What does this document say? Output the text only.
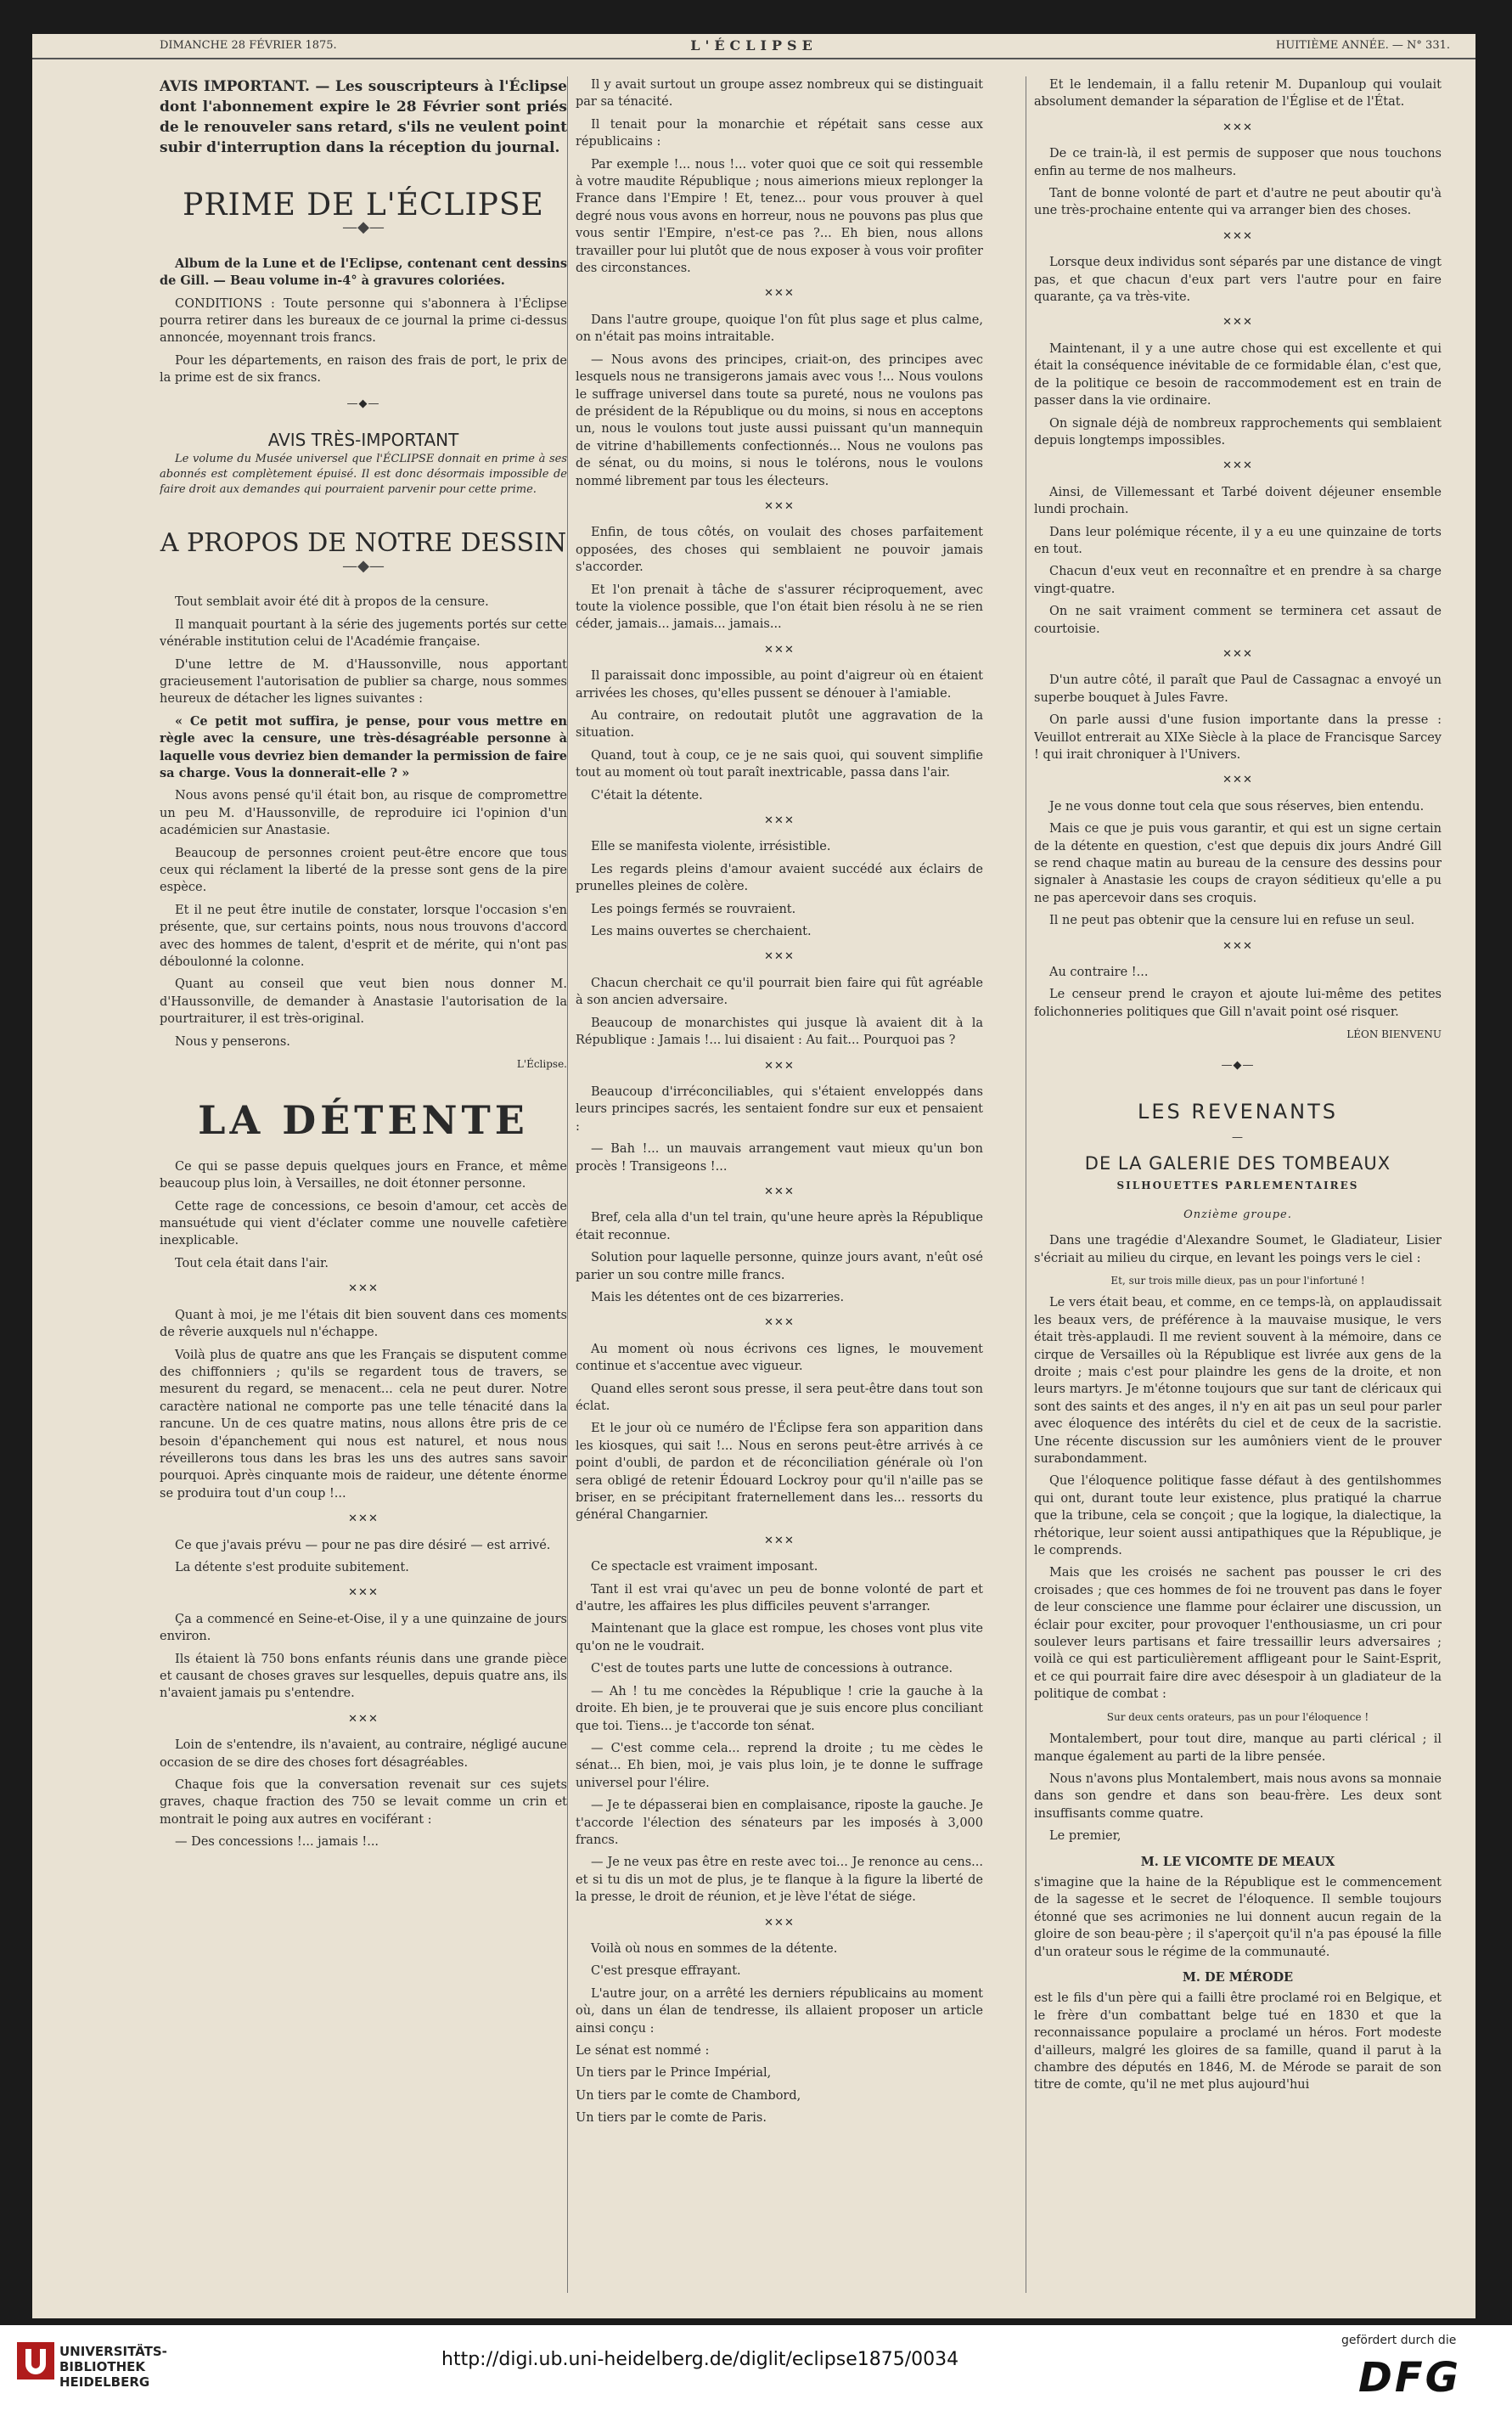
DIMANCHE 28 FÉVRIER 1875.	L'ÉCLIPSE	HUITIÈME ANNÉE. — N° 331.
AVIS IMPORTANT. — Les souscripteurs à l'Éclipse dont l'abonnement expire le 28 Février sont priés de le renouveler sans retard, s'ils ne veulent point subir d'interruption dans la réception du journal.
PRIME DE L'ÉCLIPSE
—◆—

Album de la Lune et de l'Eclipse, contenant cent dessins de Gill. — Beau volume in-4° à gravures coloriées.

CONDITIONS : Toute personne qui s'abonnera à l'Éclipse pourra retirer dans les bureaux de ce journal la prime ci-dessus annoncée, moyennant trois francs.

Pour les départements, en raison des frais de port, le prix de la prime est de six francs.

—◆—
AVIS TRÈS-IMPORTANT

Le volume du Musée universel que l'ÉCLIPSE donnait en prime à ses abonnés est complètement épuisé. Il est donc désormais impossible de faire droit aux demandes qui pourraient parvenir pour cette prime.

A PROPOS DE NOTRE DESSIN
—◆—

Tout semblait avoir été dit à propos de la censure.

Il manquait pourtant à la série des jugements portés sur cette vénérable institution celui de l'Académie française.

D'une lettre de M. d'Haussonville, nous apportant gracieusement l'autorisation de publier sa charge, nous sommes heureux de détacher les lignes suivantes :

« Ce petit mot suffira, je pense, pour vous mettre en règle avec la censure, une très-désagréable personne à laquelle vous devriez bien demander la permission de faire sa charge. Vous la donnerait-elle ? »

Nous avons pensé qu'il était bon, au risque de compromettre un peu M. d'Haussonville, de reproduire ici l'opinion d'un académicien sur Anastasie.

Beaucoup de personnes croient peut-être encore que tous ceux qui réclament la liberté de la presse sont gens de la pire espèce.

Et il ne peut être inutile de constater, lorsque l'occasion s'en présente, que, sur certains points, nous nous trouvons d'accord avec des hommes de talent, d'esprit et de mérite, qui n'ont pas déboulonné la colonne.

Quant au conseil que veut bien nous donner M. d'Haussonville, de demander à Anastasie l'autorisation de la pourtraiturer, il est très-original.

Nous y penserons.

L'Éclipse.
LA DÉTENTE

Ce qui se passe depuis quelques jours en France, et même beaucoup plus loin, à Versailles, ne doit étonner personne.

Cette rage de concessions, ce besoin d'amour, cet accès de mansuétude qui vient d'éclater comme une nouvelle cafetière inexplicable.

Tout cela était dans l'air.

✕✕✕

Quant à moi, je me l'étais dit bien souvent dans ces moments de rêverie auxquels nul n'échappe.

Voilà plus de quatre ans que les Français se disputent comme des chiffonniers ; qu'ils se regardent tous de travers, se mesurent du regard, se menacent... cela ne peut durer. Notre caractère national ne comporte pas une telle ténacité dans la rancune. Un de ces quatre matins, nous allons être pris de ce besoin d'épanchement qui nous est naturel, et nous nous réveillerons tous dans les bras les uns des autres sans savoir pourquoi. Après cinquante mois de raideur, une détente énorme se produira tout d'un coup !...

✕✕✕

Ce que j'avais prévu — pour ne pas dire désiré — est arrivé.

La détente s'est produite subitement.

✕✕✕

Ça a commencé en Seine-et-Oise, il y a une quinzaine de jours environ.

Ils étaient là 750 bons enfants réunis dans une grande pièce et causant de choses graves sur lesquelles, depuis quatre ans, ils n'avaient jamais pu s'entendre.

✕✕✕

Loin de s'entendre, ils n'avaient, au contraire, négligé aucune occasion de se dire des choses fort désagréables.

Chaque fois que la conversation revenait sur ces sujets graves, chaque fraction des 750 se levait comme un crin et montrait le poing aux autres en vociférant :

— Des concessions !... jamais !...

Il y avait surtout un groupe assez nombreux qui se distinguait par sa ténacité.

Il tenait pour la monarchie et répétait sans cesse aux républicains :

Par exemple !... nous !... voter quoi que ce soit qui ressemble à votre maudite République ; nous aimerions mieux replonger la France dans l'Empire ! Et, tenez... pour vous prouver à quel degré nous vous avons en horreur, nous ne pouvons pas plus que vous sentir l'Empire, n'est-ce pas ?... Eh bien, nous allons travailler pour lui plutôt que de nous exposer à vous voir profiter des circonstances.

✕✕✕

Dans l'autre groupe, quoique l'on fût plus sage et plus calme, on n'était pas moins intraitable.

— Nous avons des principes, criait-on, des principes avec lesquels nous ne transigerons jamais avec vous !... Nous voulons le suffrage universel dans toute sa pureté, nous ne voulons pas de président de la République ou du moins, si nous en acceptons un, nous le voulons tout juste aussi puissant qu'un mannequin de vitrine d'habillements confectionnés... Nous ne voulons pas de sénat, ou du moins, si nous le tolérons, nous le voulons nommé librement par tous les électeurs.

✕✕✕

Enfin, de tous côtés, on voulait des choses parfaitement opposées, des choses qui semblaient ne pouvoir jamais s'accorder.

Et l'on prenait à tâche de s'assurer réciproquement, avec toute la violence possible, que l'on était bien résolu à ne se rien céder, jamais... jamais... jamais...

✕✕✕

Il paraissait donc impossible, au point d'aigreur où en étaient arrivées les choses, qu'elles pussent se dénouer à l'amiable.

Au contraire, on redoutait plutôt une aggravation de la situation.

Quand, tout à coup, ce je ne sais quoi, qui souvent simplifie tout au moment où tout paraît inextricable, passa dans l'air.

C'était la détente.

✕✕✕

Elle se manifesta violente, irrésistible.

Les regards pleins d'amour avaient succédé aux éclairs de prunelles pleines de colère.

Les poings fermés se rouvraient.

Les mains ouvertes se cherchaient.

✕✕✕

Chacun cherchait ce qu'il pourrait bien faire qui fût agréable à son ancien adversaire.

Beaucoup de monarchistes qui jusque là avaient dit à la République : Jamais !... lui disaient : Au fait... Pourquoi pas ?

✕✕✕

Beaucoup d'irréconciliables, qui s'étaient enveloppés dans leurs principes sacrés, les sentaient fondre sur eux et pensaient :

— Bah !... un mauvais arrangement vaut mieux qu'un bon procès ! Transigeons !...

✕✕✕

Bref, cela alla d'un tel train, qu'une heure après la République était reconnue.

Solution pour laquelle personne, quinze jours avant, n'eût osé parier un sou contre mille francs.

Mais les détentes ont de ces bizarreries.

✕✕✕

Au moment où nous écrivons ces lignes, le mouvement continue et s'accentue avec vigueur.

Quand elles seront sous presse, il sera peut-être dans tout son éclat.

Et le jour où ce numéro de l'Éclipse fera son apparition dans les kiosques, qui sait !... Nous en serons peut-être arrivés à ce point d'oubli, de pardon et de réconciliation générale où l'on sera obligé de retenir Édouard Lockroy pour qu'il n'aille pas se briser, en se précipitant fraternellement dans les... ressorts du général Changarnier.

✕✕✕

Ce spectacle est vraiment imposant.

Tant il est vrai qu'avec un peu de bonne volonté de part et d'autre, les affaires les plus difficiles peuvent s'arranger.

Maintenant que la glace est rompue, les choses vont plus vite qu'on ne le voudrait.

C'est de toutes parts une lutte de concessions à outrance.

— Ah ! tu me concèdes la République ! crie la gauche à la droite. Eh bien, je te prouverai que je suis encore plus conciliant que toi. Tiens... je t'accorde ton sénat.

— C'est comme cela... reprend la droite ; tu me cèdes le sénat... Eh bien, moi, je vais plus loin, je te donne le suffrage universel pour l'élire.

— Je te dépasserai bien en complaisance, riposte la gauche. Je t'accorde l'élection des sénateurs par les imposés à 3,000 francs.

— Je ne veux pas être en reste avec toi... Je renonce au cens... et si tu dis un mot de plus, je te flanque à la figure la liberté de la presse, le droit de réunion, et je lève l'état de siége.

✕✕✕

Voilà où nous en sommes de la détente.

C'est presque effrayant.

L'autre jour, on a arrêté les derniers républicains au moment où, dans un élan de tendresse, ils allaient proposer un article ainsi conçu :

Le sénat est nommé :

Un tiers par le Prince Impérial,

Un tiers par le comte de Chambord,

Un tiers par le comte de Paris.

Et le lendemain, il a fallu retenir M. Dupanloup qui voulait absolument demander la séparation de l'Église et de l'État.

✕✕✕

De ce train-là, il est permis de supposer que nous touchons enfin au terme de nos malheurs.

Tant de bonne volonté de part et d'autre ne peut aboutir qu'à une très-prochaine entente qui va arranger bien des choses.

✕✕✕

Lorsque deux individus sont séparés par une distance de vingt pas, et que chacun d'eux part vers l'autre pour en faire quarante, ça va très-vite.

✕✕✕

Maintenant, il y a une autre chose qui est excellente et qui était la conséquence inévitable de ce formidable élan, c'est que, de la politique ce besoin de raccommodement est en train de passer dans la vie ordinaire.

On signale déjà de nombreux rapprochements qui semblaient depuis longtemps impossibles.

✕✕✕

Ainsi, de Villemessant et Tarbé doivent déjeuner ensemble lundi prochain.

Dans leur polémique récente, il y a eu une quinzaine de torts en tout.

Chacun d'eux veut en reconnaître et en prendre à sa charge vingt-quatre.

On ne sait vraiment comment se terminera cet assaut de courtoisie.

✕✕✕

D'un autre côté, il paraît que Paul de Cassagnac a envoyé un superbe bouquet à Jules Favre.

On parle aussi d'une fusion importante dans la presse : Veuillot entrerait au XIXe Siècle à la place de Francisque Sarcey ! qui irait chroniquer à l'Univers.

✕✕✕

Je ne vous donne tout cela que sous réserves, bien entendu.

Mais ce que je puis vous garantir, et qui est un signe certain de la détente en question, c'est que depuis dix jours André Gill se rend chaque matin au bureau de la censure des dessins pour signaler à Anastasie les coups de crayon séditieux qu'elle a pu ne pas apercevoir dans ses croquis.

Il ne peut pas obtenir que la censure lui en refuse un seul.

✕✕✕

Au contraire !...

Le censeur prend le crayon et ajoute lui-même des petites folichonneries politiques que Gill n'avait point osé risquer.

LÉON BIENVENU
—◆—
LES REVENANTS
—
DE LA GALERIE DES TOMBEAUX
SILHOUETTES PARLEMENTAIRES
Onzième groupe.

Dans une tragédie d'Alexandre Soumet, le Gladiateur, Lisier s'écriait au milieu du cirque, en levant les poings vers le ciel :

Et, sur trois mille dieux, pas un pour l'infortuné !

Le vers était beau, et comme, en ce temps-là, on applaudissait les beaux vers, de préférence à la mauvaise musique, le vers était très-applaudi. Il me revient souvent à la mémoire, dans ce cirque de Versailles où la République est livrée aux gens de la droite ; mais c'est pour plaindre les gens de la droite, et non leurs martyrs. Je m'étonne toujours que sur tant de cléricaux qui sont des saints et des anges, il n'y en ait pas un seul pour parler avec éloquence des intérêts du ciel et de ceux de la sacristie. Une récente discussion sur les aumôniers vient de le prouver surabondamment.

Que l'éloquence politique fasse défaut à des gentilshommes qui ont, durant toute leur existence, plus pratiqué la charrue que la tribune, cela se conçoit ; que la logique, la dialectique, la rhétorique, leur soient aussi antipathiques que la République, je le comprends.

Mais que les croisés ne sachent pas pousser le cri des croisades ; que ces hommes de foi ne trouvent pas dans le foyer de leur conscience une flamme pour éclairer une discussion, un éclair pour exciter, pour provoquer l'enthousiasme, un cri pour soulever leurs partisans et faire tressaillir leurs adversaires ; voilà ce qui est particulièrement affligeant pour le Saint-Esprit, et ce qui pourrait faire dire avec désespoir à un gladiateur de la politique de combat :

Sur deux cents orateurs, pas un pour l'éloquence !

Montalembert, pour tout dire, manque au parti clérical ; il manque également au parti de la libre pensée.

Nous n'avons plus Montalembert, mais nous avons sa monnaie dans son gendre et dans son beau-frère. Les deux sont insuffisants comme quatre.

Le premier,

M. LE VICOMTE DE MEAUX

s'imagine que la haine de la République est le commencement de la sagesse et le secret de l'éloquence. Il semble toujours étonné que ses acrimonies ne lui donnent aucun regain de la gloire de son beau-père ; il s'aperçoit qu'il n'a pas épousé la fille d'un orateur sous le régime de la communauté.

M. DE MÉRODE

est le fils d'un père qui a failli être proclamé roi en Belgique, et le frère d'un combattant belge tué en 1830 et que la reconnaissance populaire a proclamé un héros. Fort modeste d'ailleurs, malgré les gloires de sa famille, quand il parut à la chambre des députés en 1846, M. de Mérode se parait de son titre de comte, qu'il ne met plus aujourd'hui

UNIVERSITÄTS-
BIBLIOTHEK
HEIDELBERG
http://digi.ub.uni-heidelberg.de/diglit/eclipse1875/0034
gefördert durch die
DFG
